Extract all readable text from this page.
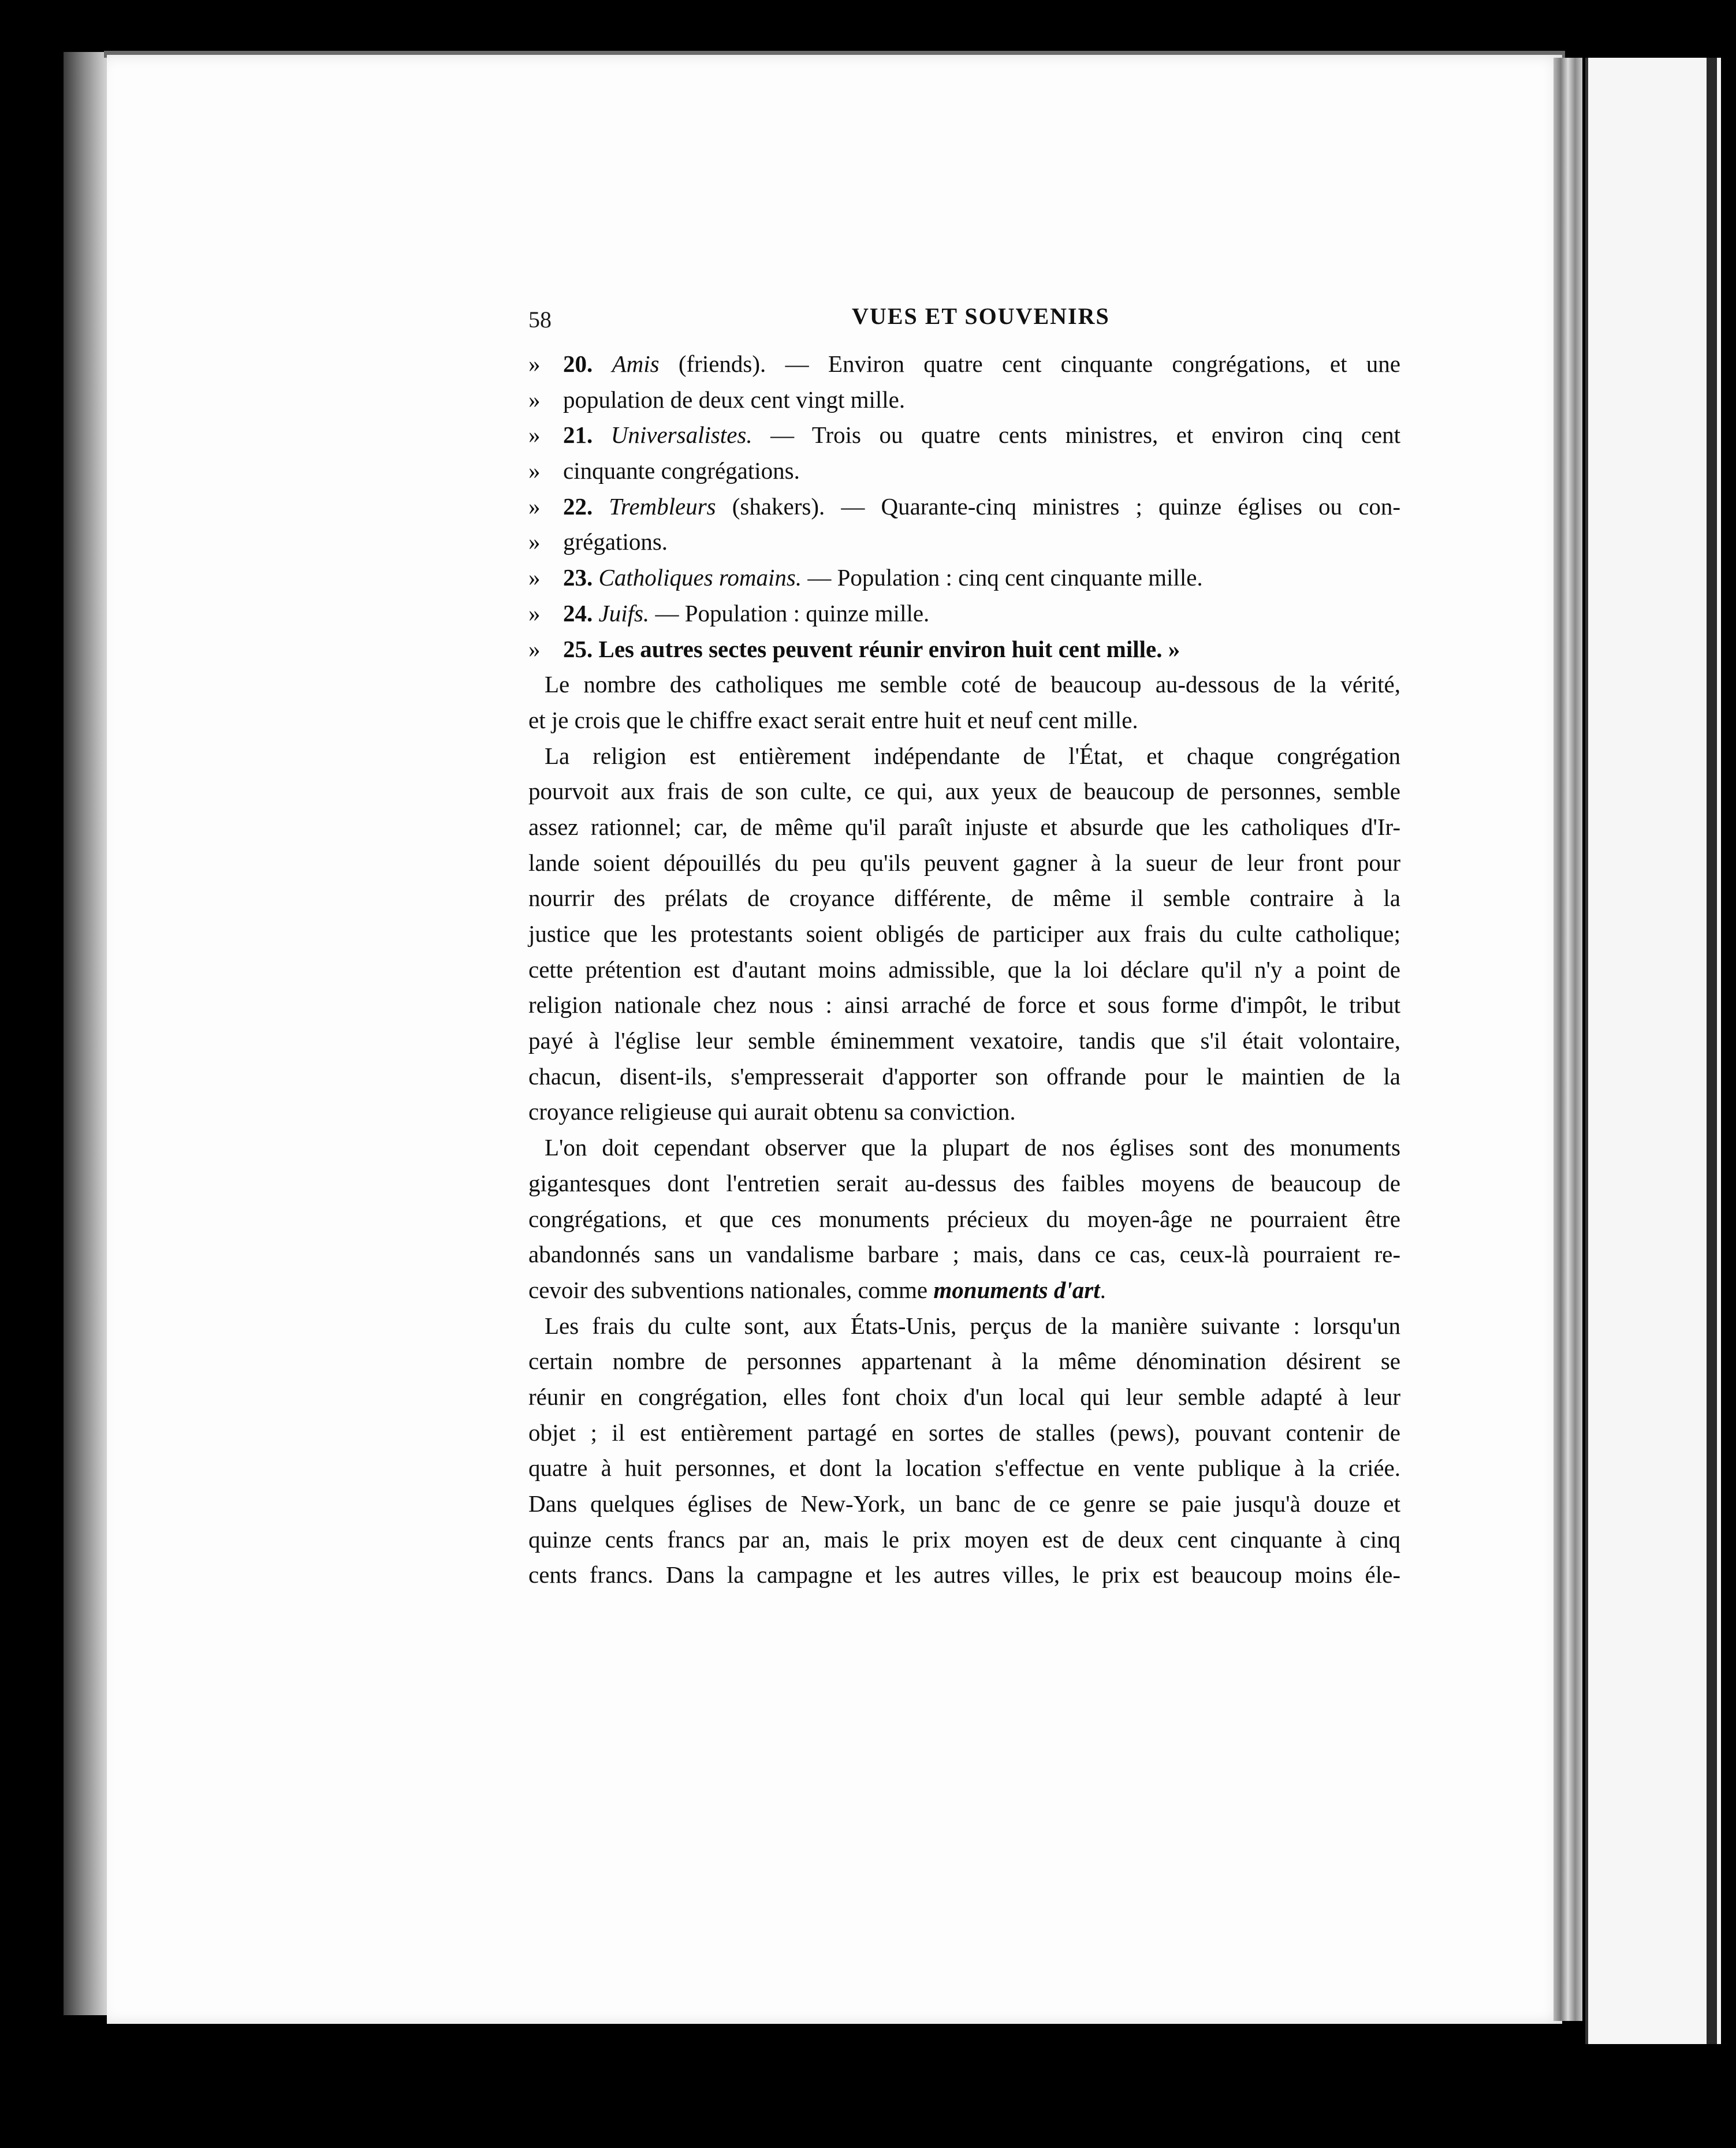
58	VUES ET SOUVENIRS
» 20. Amis (friends). — Environ quatre cent cinquante congrégations, et une
» population de deux cent vingt mille.
» 21. Universalistes. — Trois ou quatre cents ministres, et environ cinq cent
» cinquante congrégations.
» 22. Trembleurs (shakers). — Quarante-cinq ministres ; quinze églises ou con-
» grégations.
» 23. Catholiques romains. — Population : cinq cent cinquante mille.
» 24. Juifs. — Population : quinze mille.
» 25. Les autres sectes peuvent réunir environ huit cent mille. »
Le nombre des catholiques me semble coté de beaucoup au-dessous de la vérité,
et je crois que le chiffre exact serait entre huit et neuf cent mille.
La religion est entièrement indépendante de l'État, et chaque congrégation
pourvoit aux frais de son culte, ce qui, aux yeux de beaucoup de personnes, semble
assez rationnel; car, de même qu'il paraît injuste et absurde que les catholiques d'Ir-
lande soient dépouillés du peu qu'ils peuvent gagner à la sueur de leur front pour
nourrir des prélats de croyance différente, de même il semble contraire à la
justice que les protestants soient obligés de participer aux frais du culte catholique;
cette prétention est d'autant moins admissible, que la loi déclare qu'il n'y a point de
religion nationale chez nous : ainsi arraché de force et sous forme d'impôt, le tribut
payé à l'église leur semble éminemment vexatoire, tandis que s'il était volontaire,
chacun, disent-ils, s'empresserait d'apporter son offrande pour le maintien de la
croyance religieuse qui aurait obtenu sa conviction.
L'on doit cependant observer que la plupart de nos églises sont des monuments
gigantesques dont l'entretien serait au-dessus des faibles moyens de beaucoup de
congrégations, et que ces monuments précieux du moyen-âge ne pourraient être
abandonnés sans un vandalisme barbare ; mais, dans ce cas, ceux-là pourraient re-
cevoir des subventions nationales, comme monuments d'art.
Les frais du culte sont, aux États-Unis, perçus de la manière suivante : lorsqu'un
certain nombre de personnes appartenant à la même dénomination désirent se
réunir en congrégation, elles font choix d'un local qui leur semble adapté à leur
objet ; il est entièrement partagé en sortes de stalles (pews), pouvant contenir de
quatre à huit personnes, et dont la location s'effectue en vente publique à la criée.
Dans quelques églises de New-York, un banc de ce genre se paie jusqu'à douze et
quinze cents francs par an, mais le prix moyen est de deux cent cinquante à cinq
cents francs. Dans la campagne et les autres villes, le prix est beaucoup moins éle-
